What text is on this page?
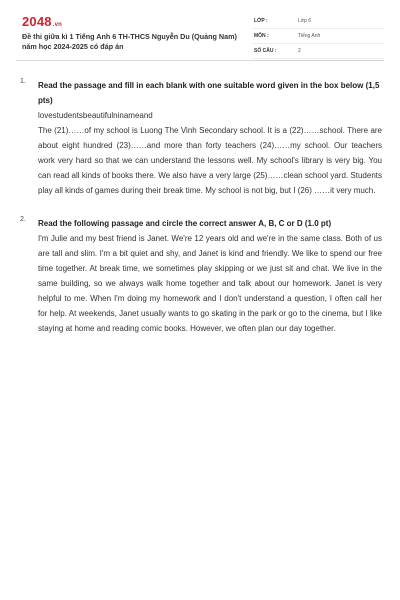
2048.vn
Đề thi giữa kì 1 Tiếng Anh 6 TH-THCS Nguyễn Du (Quảng Nam) năm học 2024-2025 có đáp án
LỚP :	Lớp 6
MÔN :	Tiếng Anh
SỐ CÂU :	2
1. Read the passage and fill in each blank with one suitable word given in the box below (1,5 pts)
lovestudentsbeautifulninameand

The (21)……of my school is Luong The Vinh Secondary school. It is a (22)……school. There are about eight hundred (23)……and more than forty teachers (24)……my school. Our teachers work very hard so that we can understand the lessons well. My school's library is very big. You can read all kinds of books there. We also have a very large (25)……clean school yard. Students play all kinds of games during their break time. My school is not big, but I (26) ……it very much.

2. Read the following passage and circle the correct answer A, B, C or D (1.0 pt)

I'm Julie and my best friend is Janet. We're 12 years old and we're in the same class. Both of us are tall and slim. I'm a bit quiet and shy, and Janet is kind and friendly. We like to spend our free time together. At break time, we sometimes play skipping or we just sit and chat. We live in the same building, so we always walk home together and talk about our homework. Janet is very helpful to me. When I'm doing my homework and I don't understand a question, I often call her for help. At weekends, Janet usually wants to go skating in the park or go to the cinema, but I like staying at home and reading comic books. However, we often plan our day together.
